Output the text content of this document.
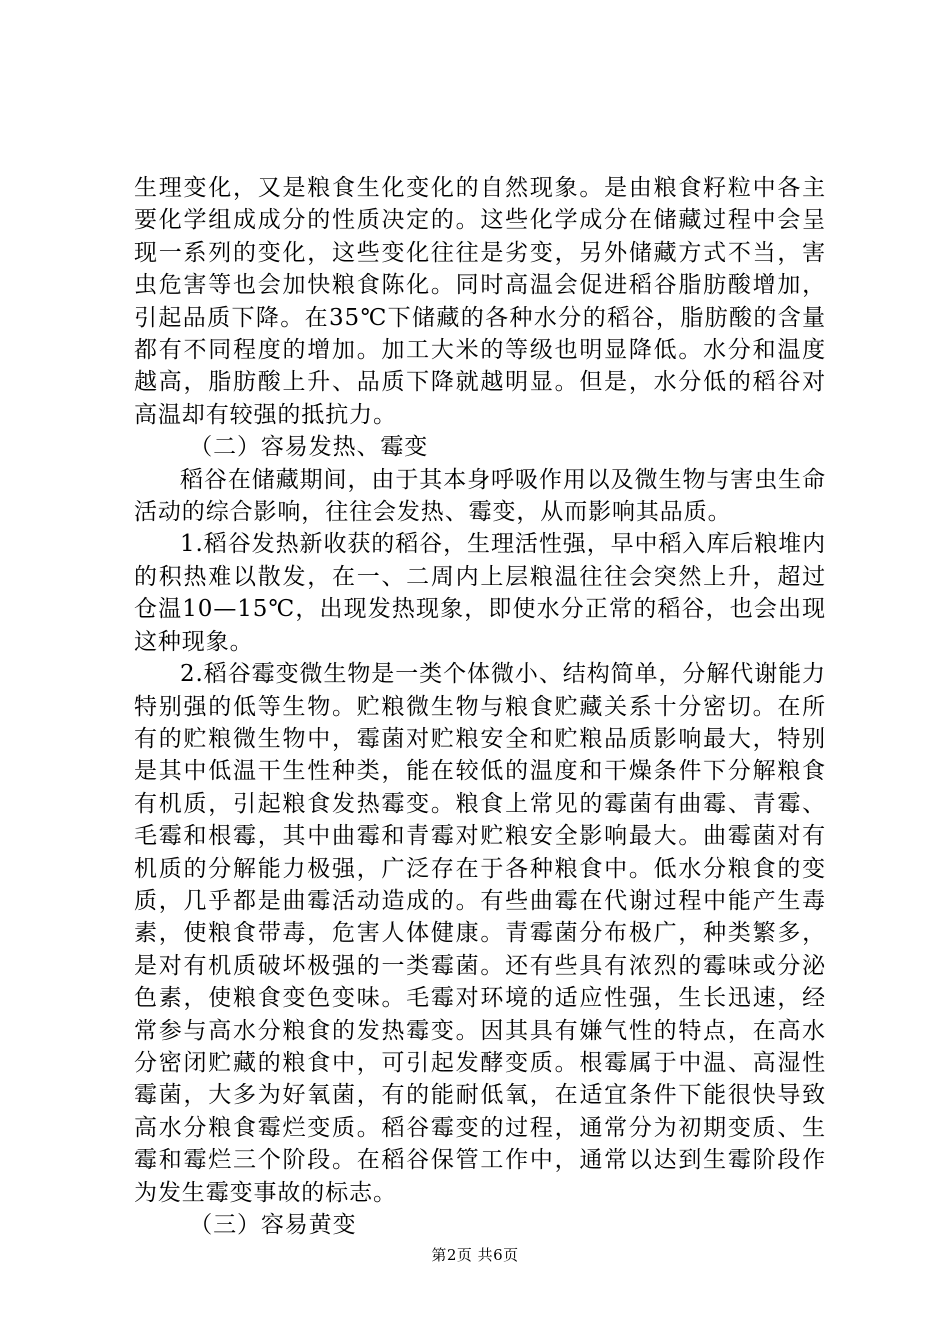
生理变化，又是粮食生化变化的自然现象。是由粮食籽粒中各主要化学组成成分的性质决定的。这些化学成分在储藏过程中会呈现一系列的变化，这些变化往往是劣变，另外储藏方式不当，害虫危害等也会加快粮食陈化。同时高温会促进稻谷脂肪酸增加，引起品质下降。在35℃下储藏的各种水分的稻谷，脂肪酸的含量都有不同程度的增加。加工大米的等级也明显降低。水分和温度越高，脂肪酸上升、品质下降就越明显。但是，水分低的稻谷对高温却有较强的抵抗力。

（二）容易发热、霉变

稻谷在储藏期间，由于其本身呼吸作用以及微生物与害虫生命活动的综合影响，往往会发热、霉变，从而影响其品质。

1.稻谷发热新收获的稻谷，生理活性强，早中稻入库后粮堆内的积热难以散发，在一、二周内上层粮温往往会突然上升，超过仓温10—15℃，出现发热现象，即使水分正常的稻谷，也会出现这种现象。

2.稻谷霉变微生物是一类个体微小、结构简单，分解代谢能力特别强的低等生物。贮粮微生物与粮食贮藏关系十分密切。在所有的贮粮微生物中，霉菌对贮粮安全和贮粮品质影响最大，特别是其中低温干生性种类，能在较低的温度和干燥条件下分解粮食有机质，引起粮食发热霉变。粮食上常见的霉菌有曲霉、青霉、毛霉和根霉，其中曲霉和青霉对贮粮安全影响最大。曲霉菌对有机质的分解能力极强，广泛存在于各种粮食中。低水分粮食的变质，几乎都是曲霉活动造成的。有些曲霉在代谢过程中能产生毒素，使粮食带毒，危害人体健康。青霉菌分布极广，种类繁多，是对有机质破坏极强的一类霉菌。还有些具有浓烈的霉味或分泌色素，使粮食变色变味。毛霉对环境的适应性强，生长迅速，经常参与高水分粮食的发热霉变。因其具有嫌气性的特点，在高水分密闭贮藏的粮食中，可引起发酵变质。根霉属于中温、高湿性霉菌，大多为好氧菌，有的能耐低氧，在适宜条件下能很快导致高水分粮食霉烂变质。稻谷霉变的过程，通常分为初期变质、生霉和霉烂三个阶段。在稻谷保管工作中，通常以达到生霉阶段作为发生霉变事故的标志。

（三）容易黄变

第2页 共6页
